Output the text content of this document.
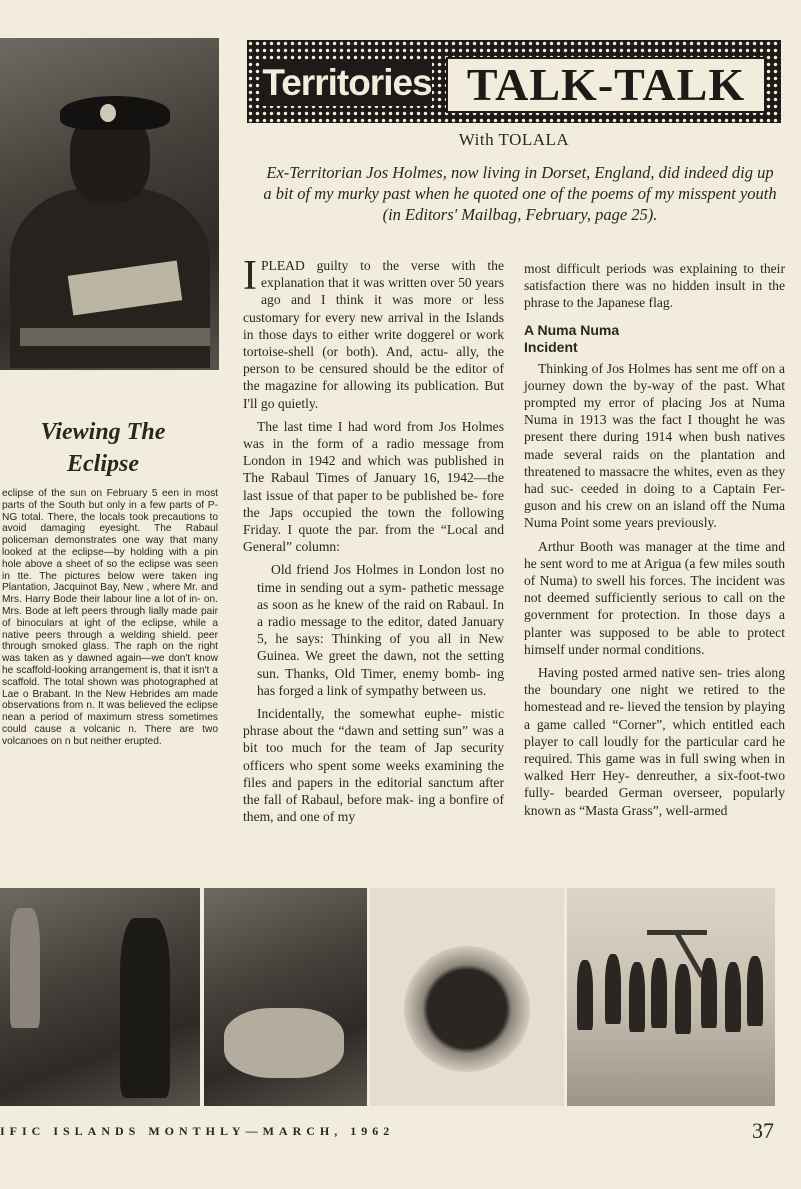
Territories TALK-TALK
With TOLALA
Ex-Territorian Jos Holmes, now living in Dorset, England, did indeed dig up a bit of my murky past when he quoted one of the poems of my misspent youth (in Editors' Mailbag, February, page 25).
Viewing The
Eclipse
eclipse of the sun on February 5 een in most parts of the South but only in a few parts of P-NG total. There, the locals took precautions to avoid damaging eyesight. The Rabaul policeman demonstrates one way that many looked at the eclipse—by holding with a pin hole above a sheet of so the eclipse was seen in tte. The pictures below were taken ing Plantation, Jacquinot Bay, New , where Mr. and Mrs. Harry Bode their labour line a lot of in- on. Mrs. Bode at left peers through lially made pair of binoculars at ight of the eclipse, while a native peers through a welding shield. peer through smoked glass. The raph on the right was taken as y dawned again—we don't know he scaffold-looking arrangement is, that it isn't a scaffold. The total shown was photographed at Lae o Brabant. In the New Hebrides am made observations from n. It was believed the eclipse nean a period of maximum stress sometimes could cause a volcanic n. There are two volcanoes on n but neither erupted.

IPLEAD guilty to the verse with the explanation that it was written over 50 years ago and I think it was more or less customary for every new arrival in the Islands in those days to either write doggerel or work tortoise-shell (or both). And, actu- ally, the person to be censured should be the editor of the magazine for allowing its publication. But I'll go quietly.

The last time I had word from Jos Holmes was in the form of a radio message from London in 1942 and which was published in The Rabaul Times of January 16, 1942—the last issue of that paper to be published be- fore the Japs occupied the town the following Friday. I quote the par. from the “Local and General” column:

Old friend Jos Holmes in London lost no time in sending out a sym- pathetic message as soon as he knew of the raid on Rabaul. In a radio message to the editor, dated January 5, he says: Thinking of you all in New Guinea. We greet the dawn, not the setting sun. Thanks, Old Timer, enemy bomb- ing has forged a link of sympathy between us.

Incidentally, the somewhat euphe- mistic phrase about the “dawn and setting sun” was a bit too much for the team of Jap security officers who spent some weeks examining the files and papers in the editorial sanctum after the fall of Rabaul, before mak- ing a bonfire of them, and one of my

most difficult periods was explaining to their satisfaction there was no hidden insult in the phrase to the Japanese flag.

A Numa Numa
Incident

Thinking of Jos Holmes has sent me off on a journey down the by-way of the past. What prompted my error of placing Jos at Numa Numa in 1913 was the fact I thought he was present there during 1914 when bush natives made several raids on the plantation and threatened to massacre the whites, even as they had suc- ceeded in doing to a Captain Fer- guson and his crew on an island off the Numa Numa Point some years previously.

Arthur Booth was manager at the time and he sent word to me at Arigua (a few miles south of Numa) to swell his forces. The incident was not deemed sufficiently serious to call on the government for protection. In those days a planter was supposed to be able to protect himself under normal conditions.

Having posted armed native sen- tries along the boundary one night we retired to the homestead and re- lieved the tension by playing a game called “Corner”, which entitled each player to call loudly for the particular card he required. This game was in full swing when in walked Herr Hey- denreuther, a six-foot-two fully- bearded German overseer, popularly known as “Masta Grass”, well-armed

IFIC ISLANDS MONTHLY—MARCH, 1962	37
